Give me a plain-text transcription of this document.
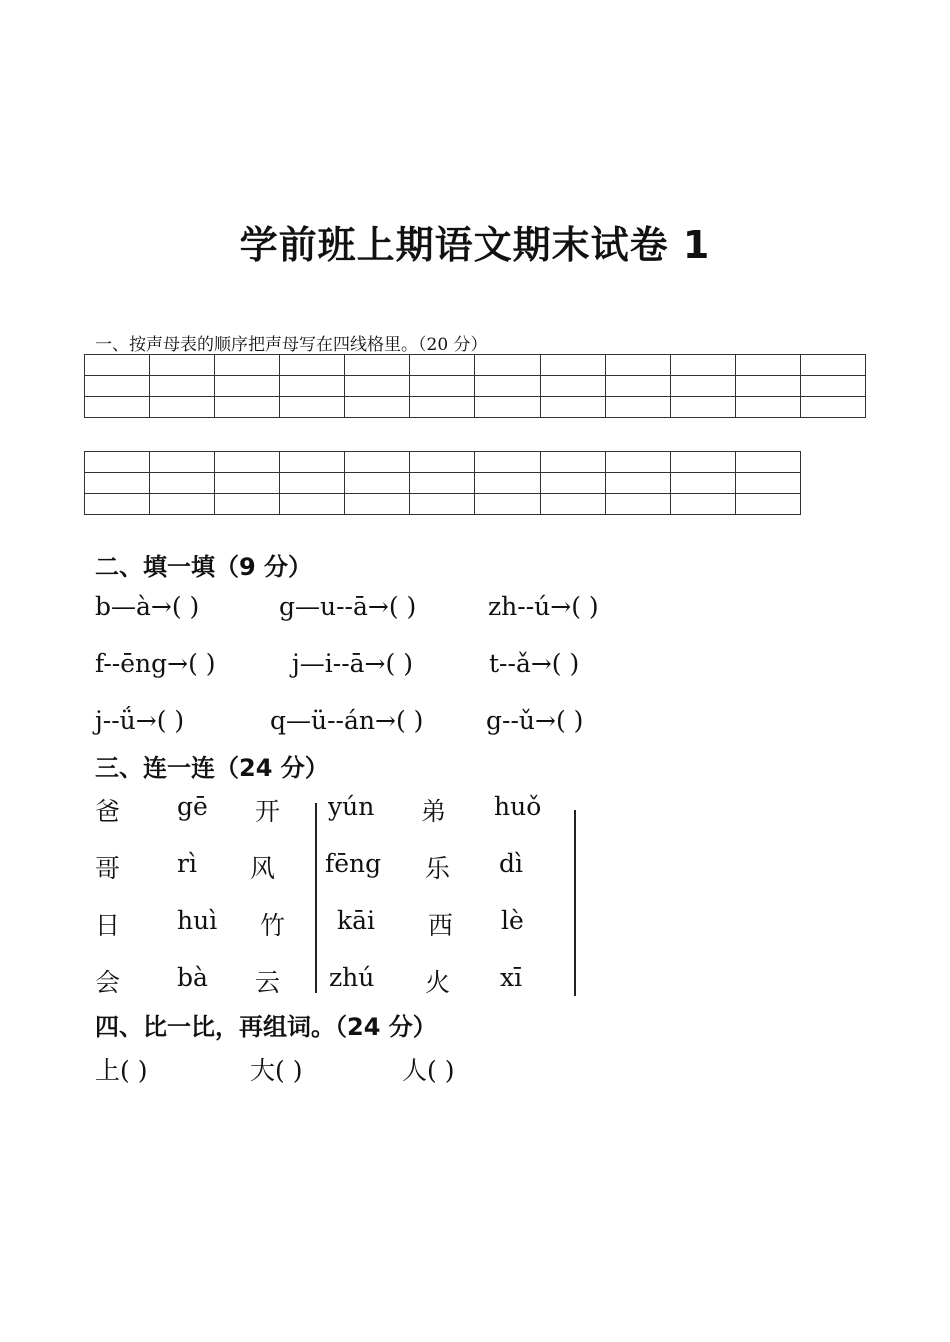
学前班上期语文期末试卷 1
一、按声母表的顺序把声母写在四线格里。（20 分）

二、填一填（9 分）
b—à→( )	g—u--ā→( )	zh--ú→( )
f--ēng→( )	j—i--ā→( )	t--ǎ→( )
j--ǘ→( )	q—ü--án→( )	g--ǔ→( )
三、连一连（24 分）
爸 gē 开 yún 弟 huǒ
哥 rì 风 fēng 乐 dì
日 huì 竹 kāi 西 lè
会 bà 云 zhú 火 xī
四、比一比，再组词。（24 分）
上( )	大( )	人( )
